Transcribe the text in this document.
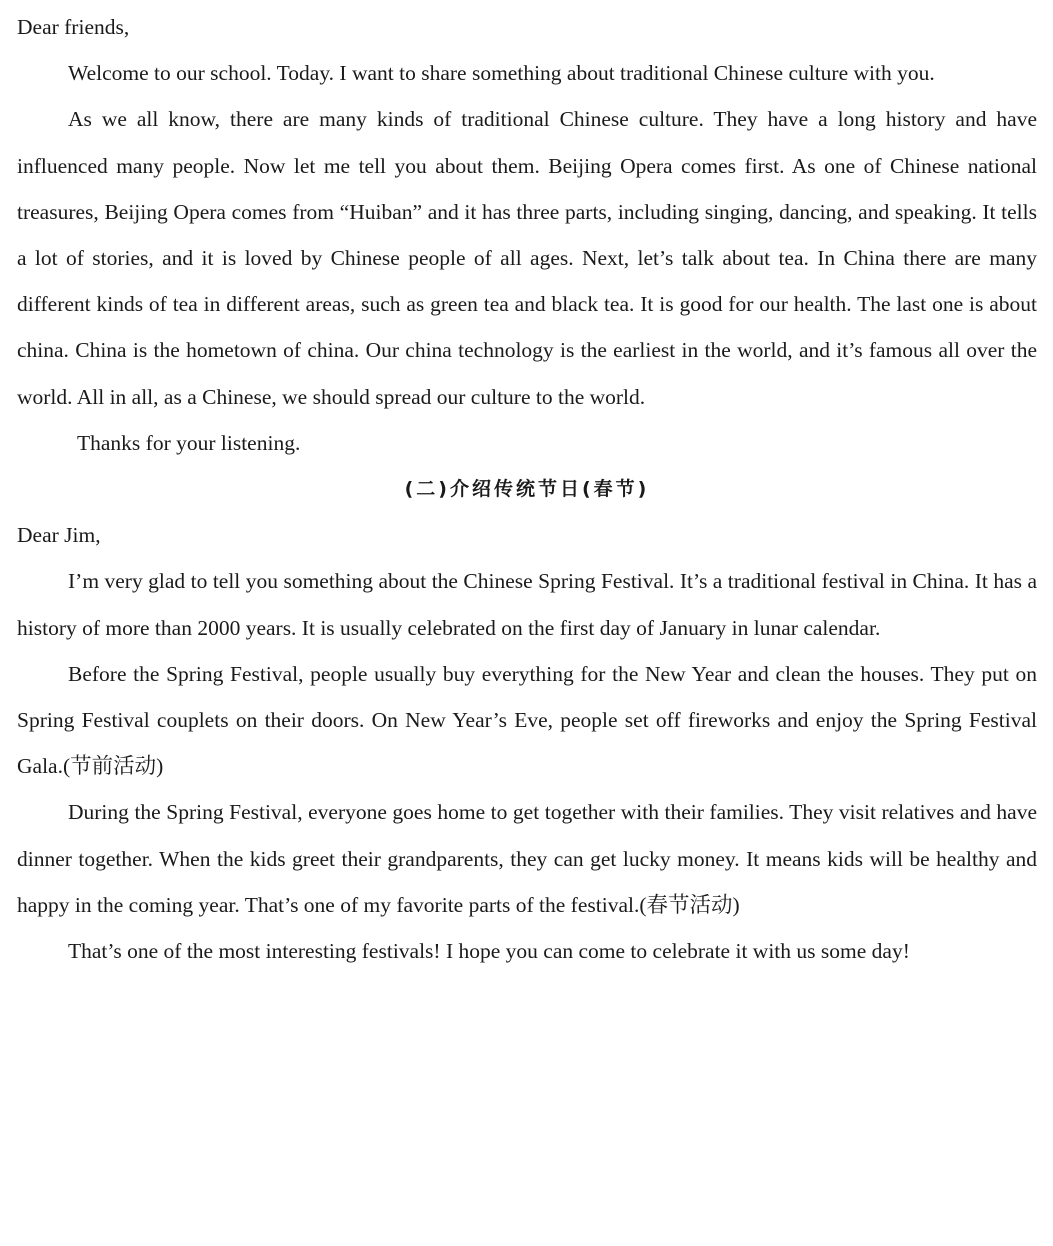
Dear friends,

Welcome to our school. Today. I want to share something about traditional Chinese culture with you.

As we all know, there are many kinds of traditional Chinese culture. They have a long history and have influenced many people. Now let me tell you about them. Beijing Opera comes first. As one of Chinese national treasures, Beijing Opera comes from “Huiban” and it has three parts, including singing, dancing, and speaking. It tells a lot of stories, and it is loved by Chinese people of all ages. Next, let’s talk about tea. In China there are many different kinds of tea in different areas, such as green tea and black tea. It is good for our health. The last one is about china. China is the hometown of china. Our china technology is the earliest in the world, and it’s famous all over the world. All in all, as a Chinese, we should spread our culture to the world.

Thanks for your listening.

(二)介绍传统节日(春节)

Dear Jim,

I’m very glad to tell you something about the Chinese Spring Festival. It’s a traditional festival in China. It has a history of more than 2000 years. It is usually celebrated on the first day of January in lunar calendar.

Before the Spring Festival, people usually buy everything for the New Year and clean the houses. They put on Spring Festival couplets on their doors. On New Year’s Eve, people set off fireworks and enjoy the Spring Festival Gala.(节前活动)

During the Spring Festival, everyone goes home to get together with their families. They visit relatives and have dinner together. When the kids greet their grandparents, they can get lucky money. It means kids will be healthy and happy in the coming year. That’s one of my favorite parts of the festival.(春节活动)

That’s one of the most interesting festivals! I hope you can come to celebrate it with us some day!
